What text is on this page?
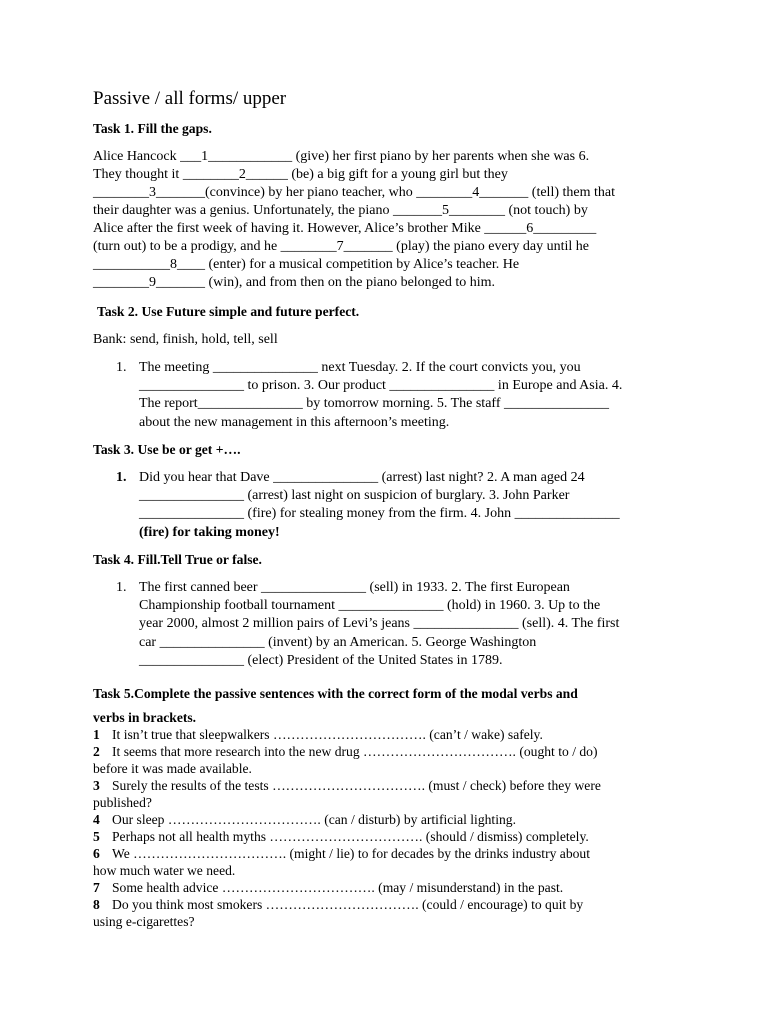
Passive / all forms/ upper
Task 1. Fill the gaps.
Alice Hancock ___1____________ (give) her first piano by her parents when she was 6.
They thought it ________2______ (be) a big gift for a young girl but they
________3_______(convince) by her piano teacher, who ________4_______ (tell) them that
their daughter was a genius. Unfortunately, the piano _______5________ (not touch) by
Alice after the first week of having it. However, Alice’s brother Mike ______6_________
(turn out) to be a prodigy, and he ________7_______ (play) the piano every day until he
___________8____ (enter) for a musical competition by Alice’s teacher. He
________9_______ (win), and from then on the piano belonged to him.
Task 2. Use Future simple and future perfect.
Bank: send, finish, hold, tell, sell
1. The meeting _______________ next Tuesday. 2. If the court convicts you, you
_______________ to prison. 3. Our product _______________ in Europe and Asia. 4.
The report_______________ by tomorrow morning. 5. The staff _______________
about the new management in this afternoon’s meeting.
Task 3. Use be or get +….
1. Did you hear that Dave _______________ (arrest) last night? 2. A man aged 24
_______________ (arrest) last night on suspicion of burglary. 3. John Parker
_______________ (fire) for stealing money from the firm. 4. John _______________
(fire) for taking money!
Task 4. Fill.Tell True or false.
1. The first canned beer _______________ (sell) in 1933. 2. The first European
Championship football tournament _______________ (hold) in 1960. 3. Up to the
year 2000, almost 2 million pairs of Levi’s jeans _______________ (sell). 4. The first
car _______________ (invent) by an American. 5. George Washington
_______________ (elect) President of the United States in 1789.
Task 5.Complete the passive sentences with the correct form of the modal verbs and
verbs in brackets.
1 It isn’t true that sleepwalkers ……………………………. (can’t / wake) safely.
2 It seems that more research into the new drug ……………………………. (ought to / do)
before it was made available.
3 Surely the results of the tests ……………………………. (must / check) before they were
published?
4 Our sleep ……………………………. (can / disturb) by artificial lighting.
5 Perhaps not all health myths ……………………………. (should / dismiss) completely.
6 We ……………………………. (might / lie) to for decades by the drinks industry about
how much water we need.
7 Some health advice ……………………………. (may / misunderstand) in the past.
8 Do you think most smokers ……………………………. (could / encourage) to quit by
using e-cigarettes?
